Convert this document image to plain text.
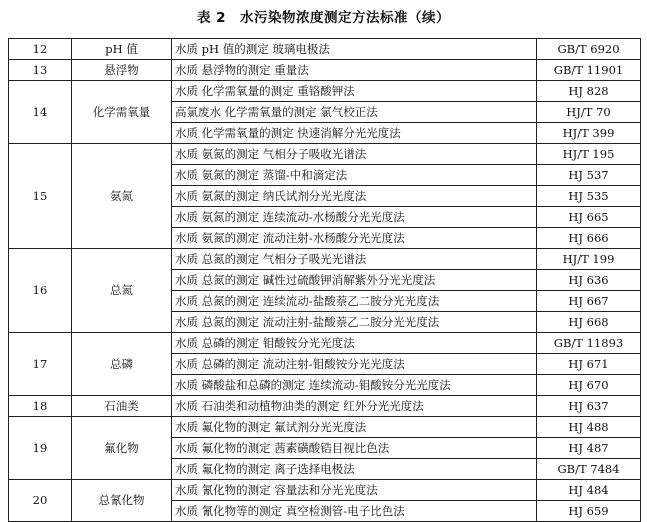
表 2　水污染物浓度测定方法标准（续）
12	pH 值	水质 pH 值的测定 玻璃电极法	GB/T 6920
13	悬浮物	水质 悬浮物的测定 重量法	GB/T 11901
14	化学需氧量	水质 化学需氧量的测定 重铬酸钾法	HJ 828
		高氯废水 化学需氧量的测定 氯气校正法	HJ/T 70
		水质 化学需氧量的测定 快速消解分光光度法	HJ/T 399
15	氨氮	水质 氨氮的测定 气相分子吸收光谱法	HJ/T 195
		水质 氨氮的测定 蒸馏-中和滴定法	HJ 537
		水质 氨氮的测定 纳氏试剂分光光度法	HJ 535
		水质 氨氮的测定 连续流动-水杨酸分光光度法	HJ 665
		水质 氨氮的测定 流动注射-水杨酸分光光度法	HJ 666
16	总氮	水质 总氮的测定 气相分子吸光光谱法	HJ/T 199
		水质 总氮的测定 碱性过硫酸钾消解紫外分光光度法	HJ 636
		水质 总氮的测定 连续流动-盐酸萘乙二胺分光光度法	HJ 667
		水质 总氮的测定 流动注射-盐酸萘乙二胺分光光度法	HJ 668
17	总磷	水质 总磷的测定 钼酸铵分光光度法	GB/T 11893
		水质 总磷的测定 流动注射-钼酸铵分光光度法	HJ 671
		水质 磷酸盐和总磷的测定 连续流动-钼酸铵分光光度法	HJ 670
18	石油类	水质 石油类和动植物油类的测定 红外分光光度法	HJ 637
19	氟化物	水质 氟化物的测定 氟试剂分光光度法	HJ 488
		水质 氟化物的测定 茜素磺酸锆目视比色法	HJ 487
		水质 氟化物的测定 离子选择电极法	GB/T 7484
20	总氰化物	水质 氰化物的测定 容量法和分光光度法	HJ 484
		水质 氰化物等的测定 真空检测管-电子比色法	HJ 659
